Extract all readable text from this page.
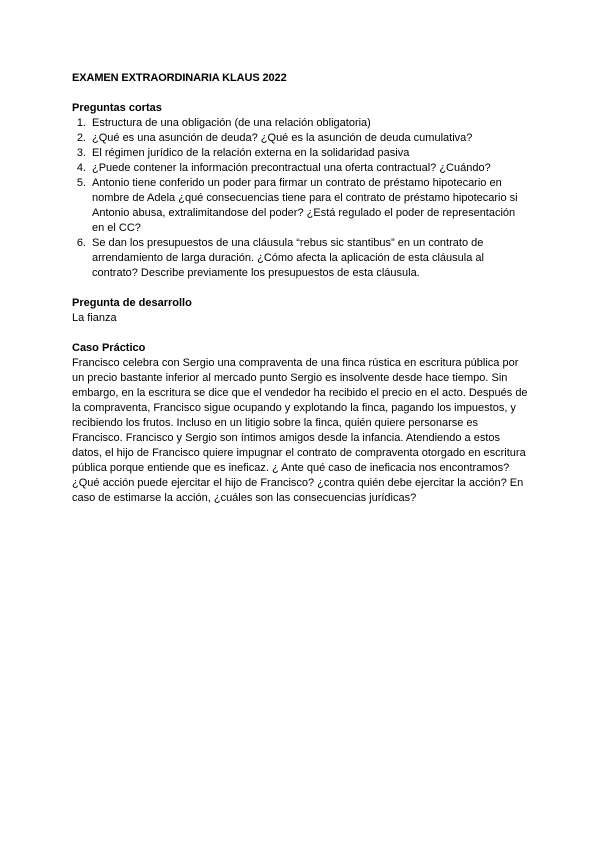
EXAMEN EXTRAORDINARIA KLAUS 2022
Preguntas cortas
1. Estructura de una obligación (de una relación obligatoria)
2. ¿Qué es una asunción de deuda? ¿Qué es la asunción de deuda cumulativa?
3. El régimen jurídico de la relación externa en la solidaridad pasiva
4. ¿Puede contener la información precontractual una oferta contractual? ¿Cuándo?
5. Antonio tiene conferido un poder para firmar un contrato de préstamo hipotecario en nombre de Adela ¿qué consecuencias tiene para el contrato de préstamo hipotecario si Antonio abusa, extralimitandose del poder? ¿Está regulado el poder de representación en el CC?
6. Se dan los presupuestos de una cláusula “rebus sic stantibus” en un contrato de arrendamiento de larga duración. ¿Cómo afecta la aplicación de esta cláusula al contrato? Describe previamente los presupuestos de esta cláusula.
Pregunta de desarrollo
La fianza
Caso Práctico

Francisco celebra con Sergio una compraventa de una finca rústica en escritura pública por un precio bastante inferior al mercado punto Sergio es insolvente desde hace tiempo. Sin embargo, en la escritura se dice que el vendedor ha recibido el precio en el acto. Después de la compraventa, Francisco sigue ocupando y explotando la finca, pagando los impuestos, y recibiendo los frutos. Incluso en un litigio sobre la finca, quién quiere personarse es Francisco. Francisco y Sergio son íntimos amigos desde la infancia. Atendiendo a estos datos, el hijo de Francisco quiere impugnar el contrato de compraventa otorgado en escritura pública porque entiende que es ineficaz. ¿ Ante qué caso de ineficacia nos encontramos? ¿Qué acción puede ejercitar el hijo de Francisco? ¿contra quién debe ejercitar la acción? En caso de estimarse la acción, ¿cuáles son las consecuencias jurídicas?
